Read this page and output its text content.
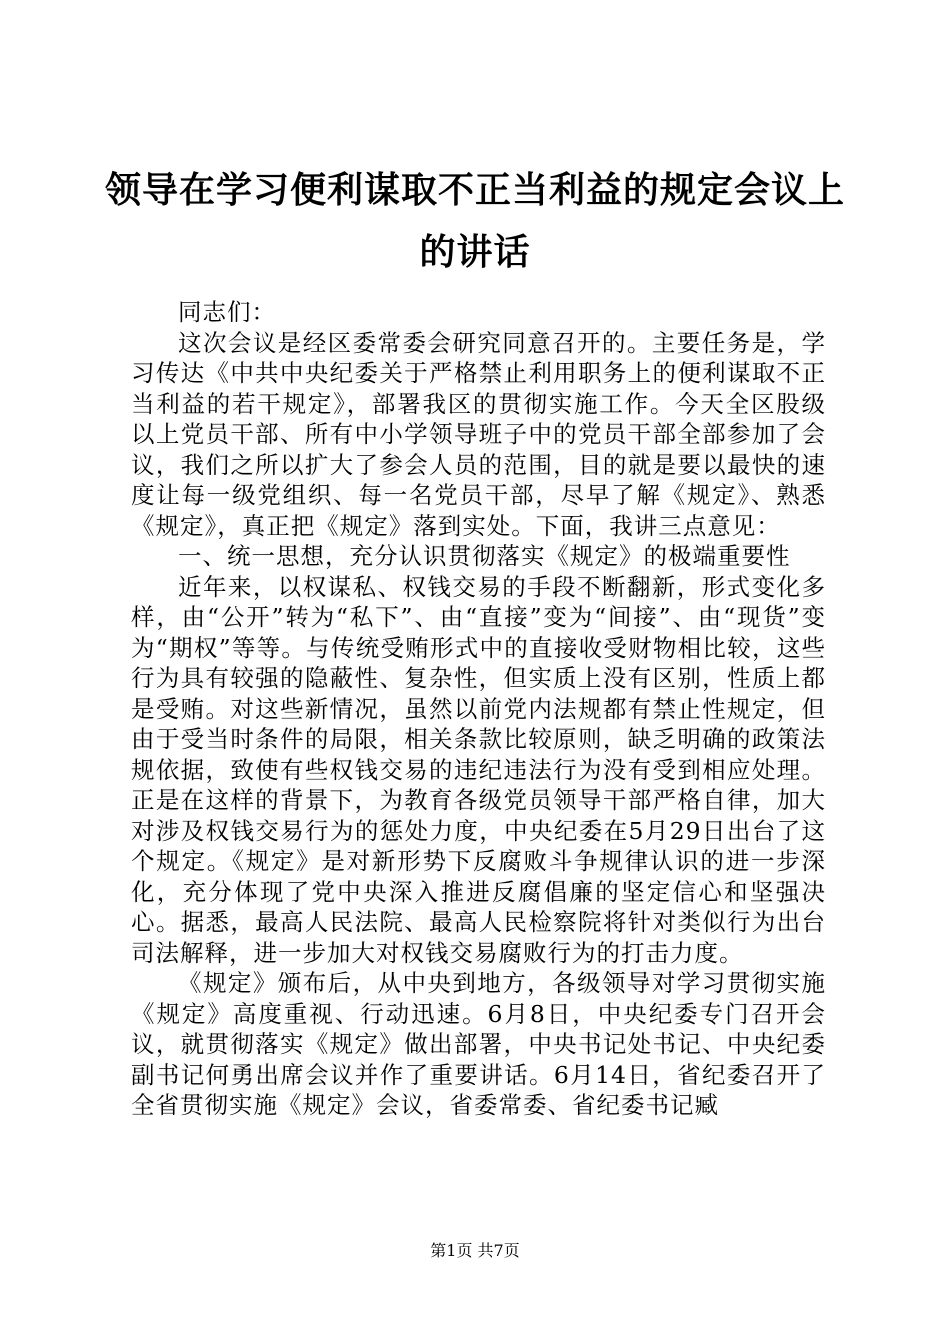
领导在学习便利谋取不正当利益的规定会议上的讲话

同志们：

这次会议是经区委常委会研究同意召开的。主要任务是，学习传达《中共中央纪委关于严格禁止利用职务上的便利谋取不正当利益的若干规定》，部署我区的贯彻实施工作。今天全区股级以上党员干部、所有中小学领导班子中的党员干部全部参加了会议，我们之所以扩大了参会人员的范围，目的就是要以最快的速度让每一级党组织、每一名党员干部，尽早了解《规定》、熟悉《规定》，真正把《规定》落到实处。下面，我讲三点意见：

一、统一思想，充分认识贯彻落实《规定》的极端重要性

近年来，以权谋私、权钱交易的手段不断翻新，形式变化多样，由“公开”转为“私下”、由“直接”变为“间接”、由“现货”变为“期权”等等。与传统受贿形式中的直接收受财物相比较，这些行为具有较强的隐蔽性、复杂性，但实质上没有区别，性质上都是受贿。对这些新情况，虽然以前党内法规都有禁止性规定，但由于受当时条件的局限，相关条款比较原则，缺乏明确的政策法规依据，致使有些权钱交易的违纪违法行为没有受到相应处理。正是在这样的背景下，为教育各级党员领导干部严格自律，加大对涉及权钱交易行为的惩处力度，中央纪委在5月29日出台了这个规定。《规定》是对新形势下反腐败斗争规律认识的进一步深化，充分体现了党中央深入推进反腐倡廉的坚定信心和坚强决心。据悉，最高人民法院、最高人民检察院将针对类似行为出台司法解释，进一步加大对权钱交易腐败行为的打击力度。

《规定》颁布后，从中央到地方，各级领导对学习贯彻实施《规定》高度重视、行动迅速。6月8日，中央纪委专门召开会议，就贯彻落实《规定》做出部署，中央书记处书记、中央纪委副书记何勇出席会议并作了重要讲话。6月14日，省纪委召开了全省贯彻实施《规定》会议，省委常委、省纪委书记臧

第1页 共7页
